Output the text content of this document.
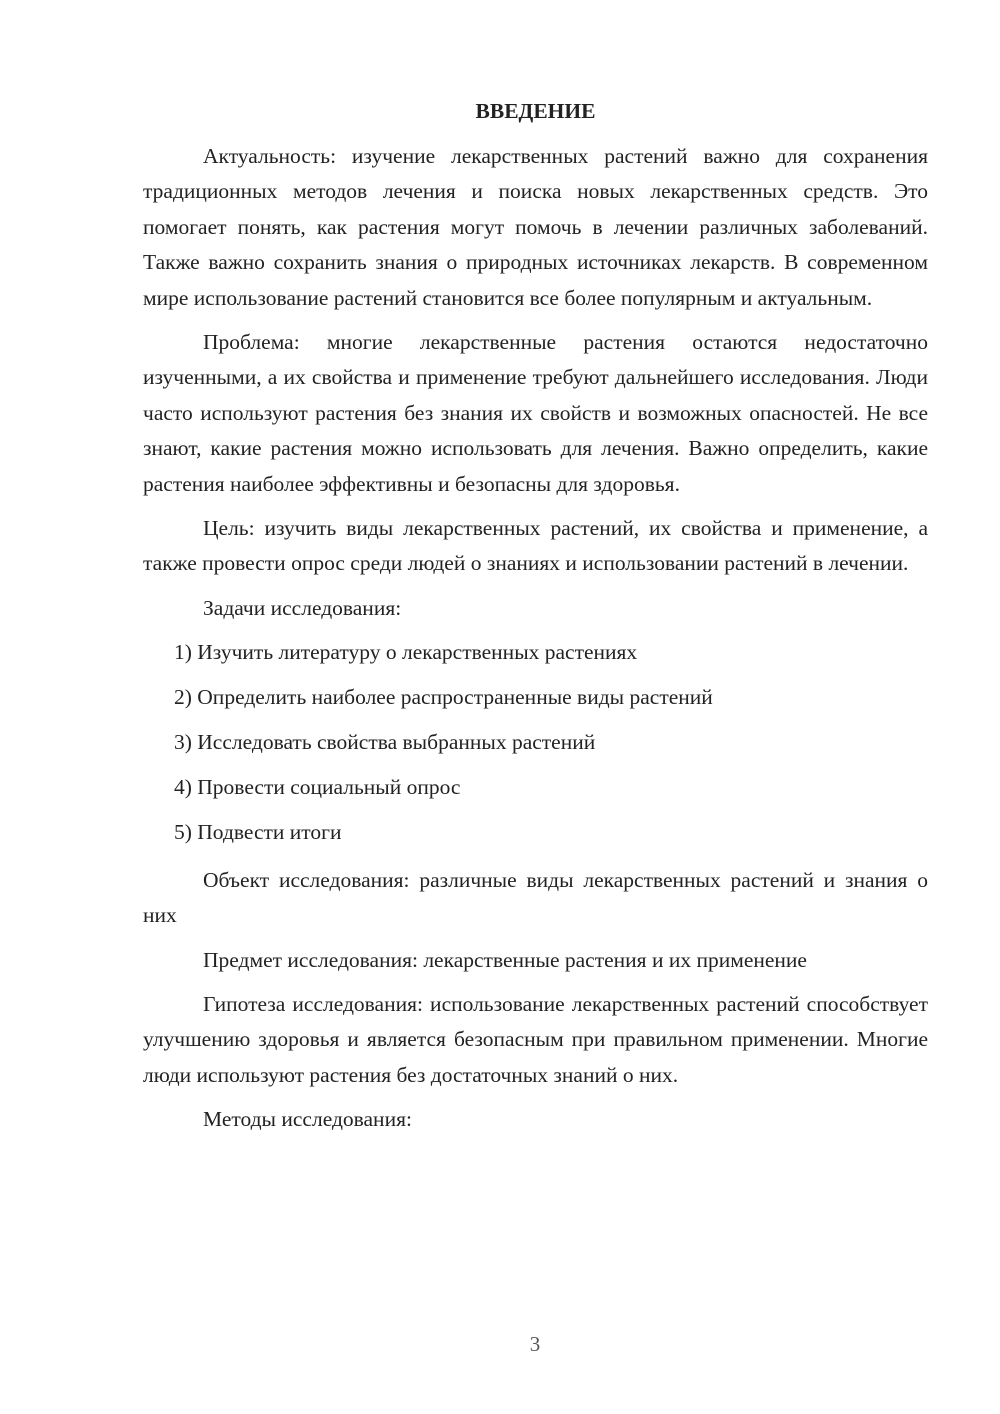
ВВЕДЕНИЕ

Актуальность: изучение лекарственных растений важно для сохранения традиционных методов лечения и поиска новых лекарственных средств. Это помогает понять, как растения могут помочь в лечении различных заболеваний. Также важно сохранить знания о природных источниках лекарств. В современном мире использование растений становится все более популярным и актуальным.

Проблема: многие лекарственные растения остаются недостаточно изученными, а их свойства и применение требуют дальнейшего исследования. Люди часто используют растения без знания их свойств и возможных опасностей. Не все знают, какие растения можно использовать для лечения. Важно определить, какие растения наиболее эффективны и безопасны для здоровья.

Цель: изучить виды лекарственных растений, их свойства и применение, а также провести опрос среди людей о знаниях и использовании растений в лечении.

Задачи исследования:

1) Изучить литературу о лекарственных растениях
2) Определить наиболее распространенные виды растений
3) Исследовать свойства выбранных растений
4) Провести социальный опрос
5) Подвести итоги

Объект исследования: различные виды лекарственных растений и знания о них

Предмет исследования: лекарственные растения и их применение

Гипотеза исследования: использование лекарственных растений способствует улучшению здоровья и является безопасным при правильном применении. Многие люди используют растения без достаточных знаний о них.

Методы исследования:

3
